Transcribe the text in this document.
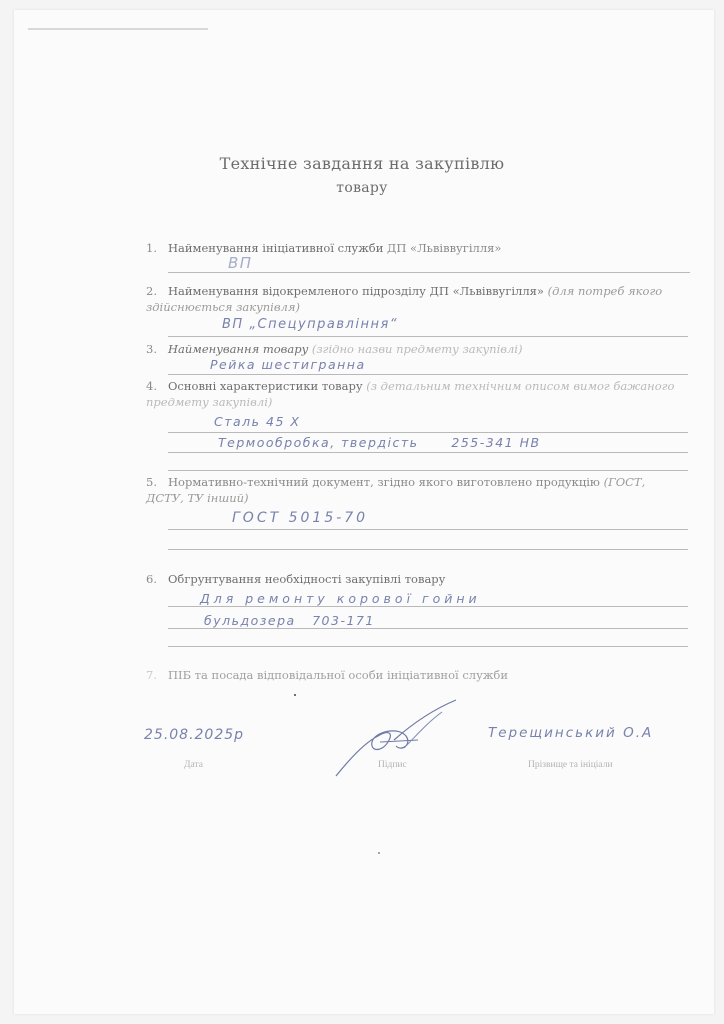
Технічне завдання на закупівлю
товару
1. Найменування ініціативної служби ДП «Львіввугілля»
ВП
2. Найменування відокремленого підрозділу ДП «Львіввугілля» (для потреб якого здійснюється закупівля)
ВП „Спецуправління“
3. Найменування товару (згідно назви предмету закупівлі)
Рейка шестигранна
4. Основні характеристики товару (з детальним технічним описом вимог бажаного предмету закупівлі)
Сталь 45 Х
Термообробка, твердість      255-341 НВ
5. Нормативно-технічний документ, згідно якого виготовлено продукцію (ГОСТ, ДСТУ, ТУ інший)
ГОСТ 5015-70
6. Обгрунтування необхідності закупівлі товару
Для ремонту корової гойни
бульдозера   703-171
7. ПІБ та посада відповідальної особи ініціативної служби
25.08.2025р	Терещинський О.А
Дата	Підпис	Прізвище та ініціали
